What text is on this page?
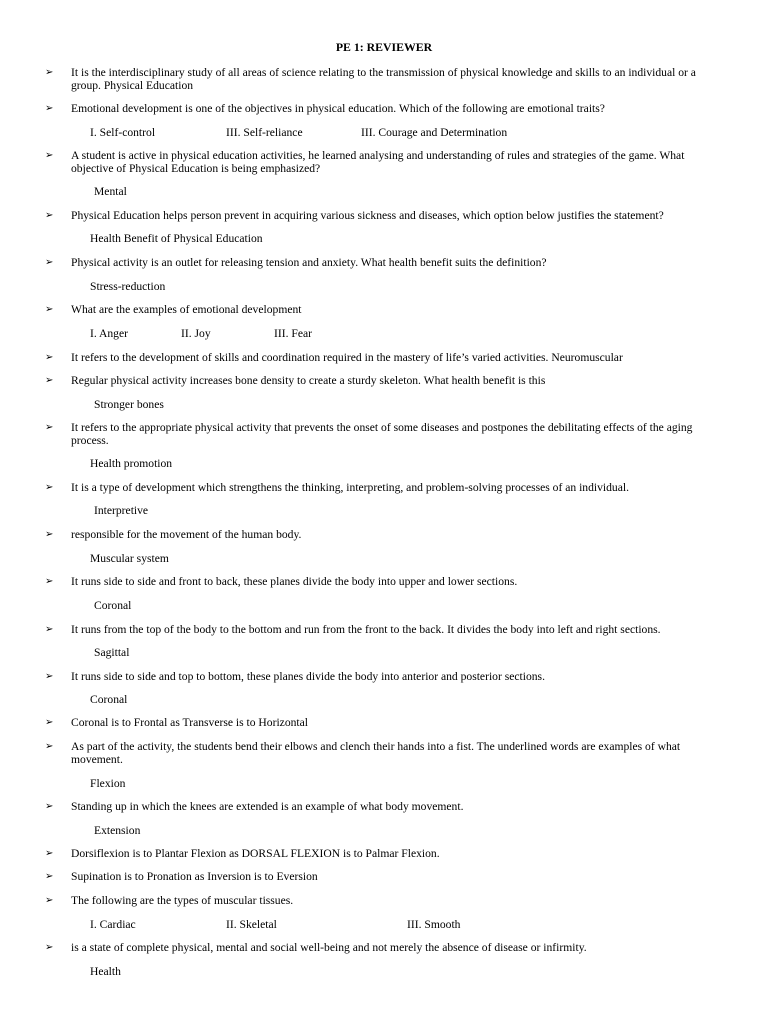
PE 1: REVIEWER
➢ It is the interdisciplinary study of all areas of science relating to the transmission of physical knowledge and skills to an individual or a group. Physical Education
➢ Emotional development is one of the objectives in physical education. Which of the following are emotional traits?
I. Self-control	III. Self-reliance	III. Courage and Determination
➢ A student is active in physical education activities, he learned analysing and understanding of rules and strategies of the game. What objective of Physical Education is being emphasized?
Mental
➢ Physical Education helps person prevent in acquiring various sickness and diseases, which option below justifies the statement?
Health Benefit of Physical Education
➢ Physical activity is an outlet for releasing tension and anxiety. What health benefit suits the definition?
Stress-reduction
➢ What are the examples of emotional development
I. Anger	II. Joy	III. Fear
➢ It refers to the development of skills and coordination required in the mastery of life’s varied activities. Neuromuscular
➢ Regular physical activity increases bone density to create a sturdy skeleton. What health benefit is this
Stronger bones
➢ It refers to the appropriate physical activity that prevents the onset of some diseases and postpones the debilitating effects of the aging process.
Health promotion
➢ It is a type of development which strengthens the thinking, interpreting, and problem-solving processes of an individual.
Interpretive
➢ responsible for the movement of the human body.
Muscular system
➢ It runs side to side and front to back, these planes divide the body into upper and lower sections.
Coronal
➢ It runs from the top of the body to the bottom and run from the front to the back. It divides the body into left and right sections.
Sagittal
➢ It runs side to side and top to bottom, these planes divide the body into anterior and posterior sections.
Coronal
➢ Coronal is to Frontal as Transverse is to Horizontal
➢ As part of the activity, the students bend their elbows and clench their hands into a fist. The underlined words are examples of what movement.
Flexion
➢ Standing up in which the knees are extended is an example of what body movement.
Extension
➢ Dorsiflexion is to Plantar Flexion as DORSAL FLEXION is to Palmar Flexion.
➢ Supination is to Pronation as Inversion is to Eversion
➢ The following are the types of muscular tissues.
I. Cardiac	II. Skeletal	III. Smooth
➢ is a state of complete physical, mental and social well-being and not merely the absence of disease or infirmity.
Health
